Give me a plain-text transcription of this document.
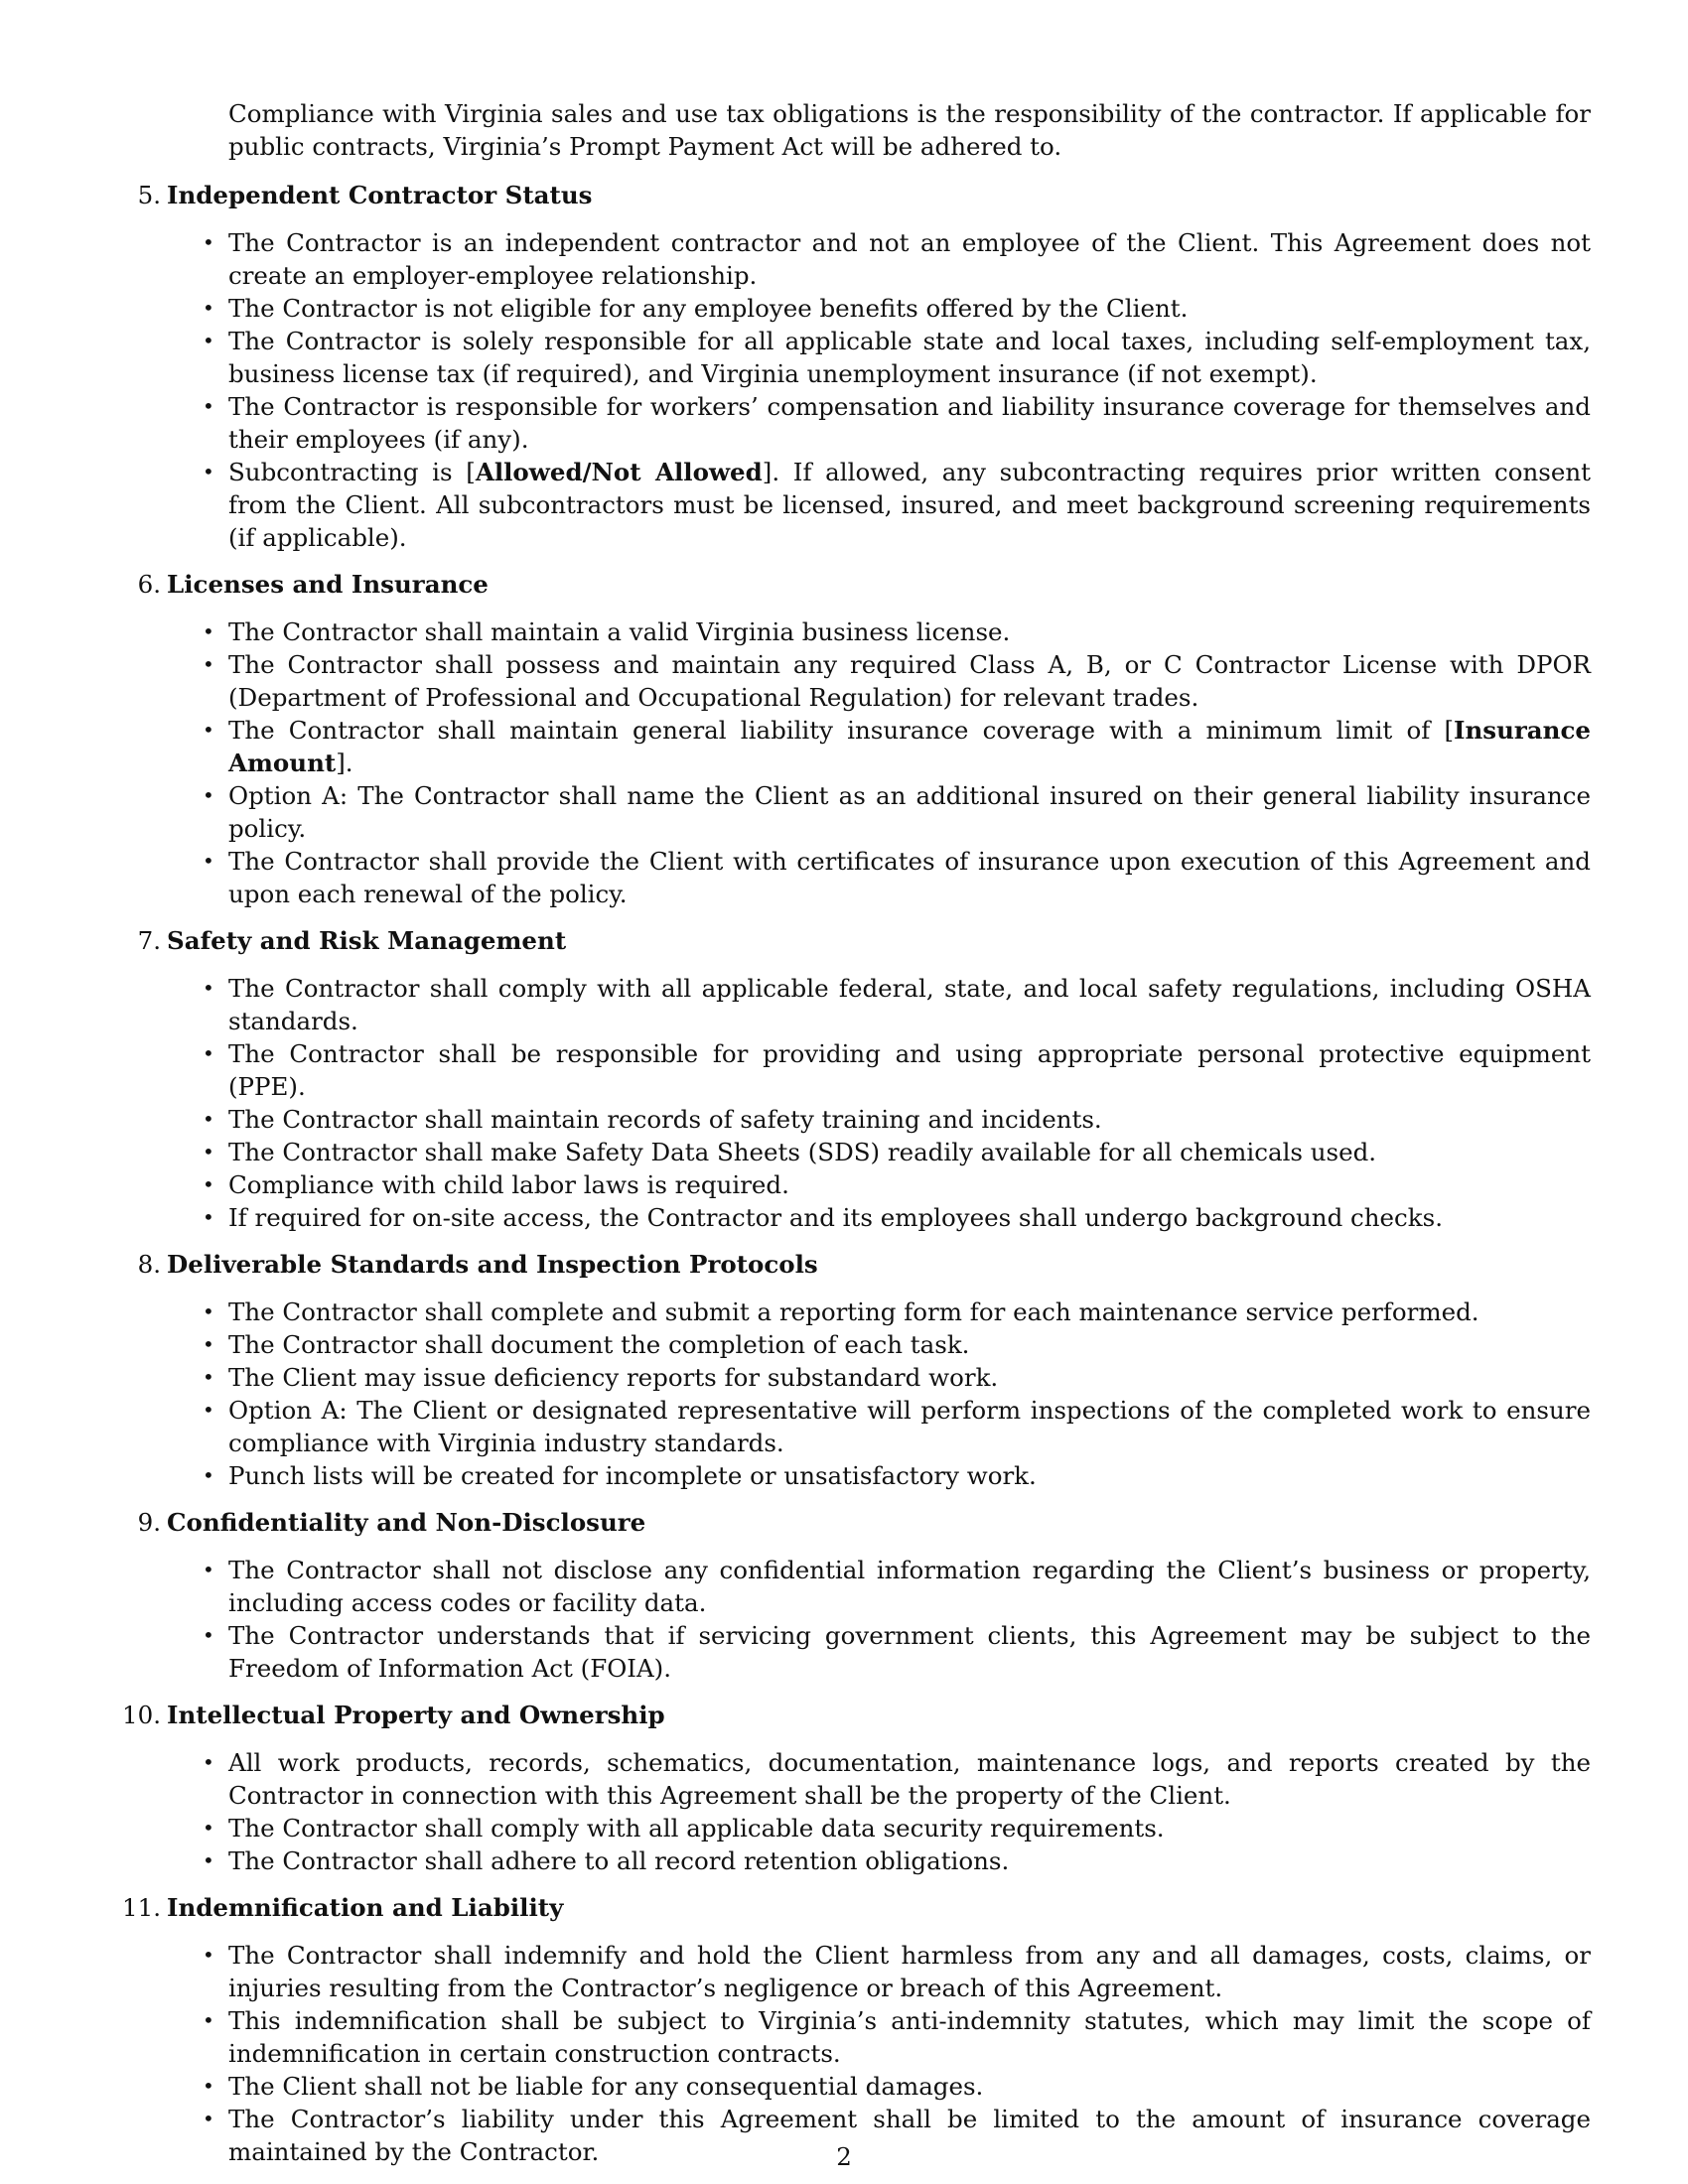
Compliance with Virginia sales and use tax obligations is the responsibility of the contractor. If applicable for public contracts, Virginia’s Prompt Payment Act will be adhered to.

5. Independent Contractor Status
• The Contractor is an independent contractor and not an employee of the Client. This Agreement does not create an employer-employee relationship.
• The Contractor is not eligible for any employee benefits offered by the Client.
• The Contractor is solely responsible for all applicable state and local taxes, including self-employment tax, business license tax (if required), and Virginia unemployment insurance (if not exempt).
• The Contractor is responsible for workers’ compensation and liability insurance coverage for themselves and their employees (if any).
• Subcontracting is [Allowed/Not Allowed]. If allowed, any subcontracting requires prior written consent from the Client. All subcontractors must be licensed, insured, and meet background screening requirements (if applicable).
6. Licenses and Insurance
• The Contractor shall maintain a valid Virginia business license.
• The Contractor shall possess and maintain any required Class A, B, or C Contractor License with DPOR (Department of Professional and Occupational Regulation) for relevant trades.
• The Contractor shall maintain general liability insurance coverage with a minimum limit of [Insurance Amount].
• Option A: The Contractor shall name the Client as an additional insured on their general liability insurance policy.
• The Contractor shall provide the Client with certificates of insurance upon execution of this Agreement and upon each renewal of the policy.
7. Safety and Risk Management
• The Contractor shall comply with all applicable federal, state, and local safety regulations, including OSHA standards.
• The Contractor shall be responsible for providing and using appropriate personal protective equipment (PPE).
• The Contractor shall maintain records of safety training and incidents.
• The Contractor shall make Safety Data Sheets (SDS) readily available for all chemicals used.
• Compliance with child labor laws is required.
• If required for on-site access, the Contractor and its employees shall undergo background checks.
8. Deliverable Standards and Inspection Protocols
• The Contractor shall complete and submit a reporting form for each maintenance service performed.
• The Contractor shall document the completion of each task.
• The Client may issue deficiency reports for substandard work.
• Option A: The Client or designated representative will perform inspections of the completed work to ensure compliance with Virginia industry standards.
• Punch lists will be created for incomplete or unsatisfactory work.
9. Confidentiality and Non-Disclosure
• The Contractor shall not disclose any confidential information regarding the Client’s business or property, including access codes or facility data.
• The Contractor understands that if servicing government clients, this Agreement may be subject to the Freedom of Information Act (FOIA).
10. Intellectual Property and Ownership
• All work products, records, schematics, documentation, maintenance logs, and reports created by the Contractor in connection with this Agreement shall be the property of the Client.
• The Contractor shall comply with all applicable data security requirements.
• The Contractor shall adhere to all record retention obligations.
11. Indemnification and Liability
• The Contractor shall indemnify and hold the Client harmless from any and all damages, costs, claims, or injuries resulting from the Contractor’s negligence or breach of this Agreement.
• This indemnification shall be subject to Virginia’s anti-indemnity statutes, which may limit the scope of indemnification in certain construction contracts.
• The Client shall not be liable for any consequential damages.
• The Contractor’s liability under this Agreement shall be limited to the amount of insurance coverage maintained by the Contractor.	2
